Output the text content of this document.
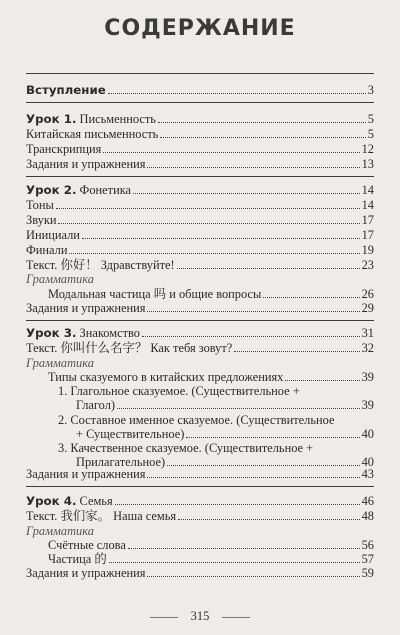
СОДЕРЖАНИЕ
Вступление	3
Урок 1. Письменность	5
Китайская письменность	5
Транскрипция	12
Задания и упражнения	13
Урок 2. Фонетика	14
Тоны	14
Звуки	17
Инициали	17
Финали	19
Текст. 你好！ Здравствуйте!	23
Грамматика
Модальная частица 吗 и общие вопросы	26
Задания и упражнения	29
Урок 3. Знакомство	31
Текст. 你叫什么名字？ Как тебя зовут?	32
Грамматика
Типы сказуемого в китайских предложениях	39
1. Глагольное сказуемое. (Существительное +
Глагол)	39
2. Составное именное сказуемое. (Существительное
+ Существительное)	40
3. Качественное сказуемое. (Существительное +
Прилагательное)	40
Задания и упражнения	43
Урок 4. Семья	46
Текст. 我们家。 Наша семья	48
Грамматика
Счётные слова	56
Частица 的	57
Задания и упражнения	59
315
